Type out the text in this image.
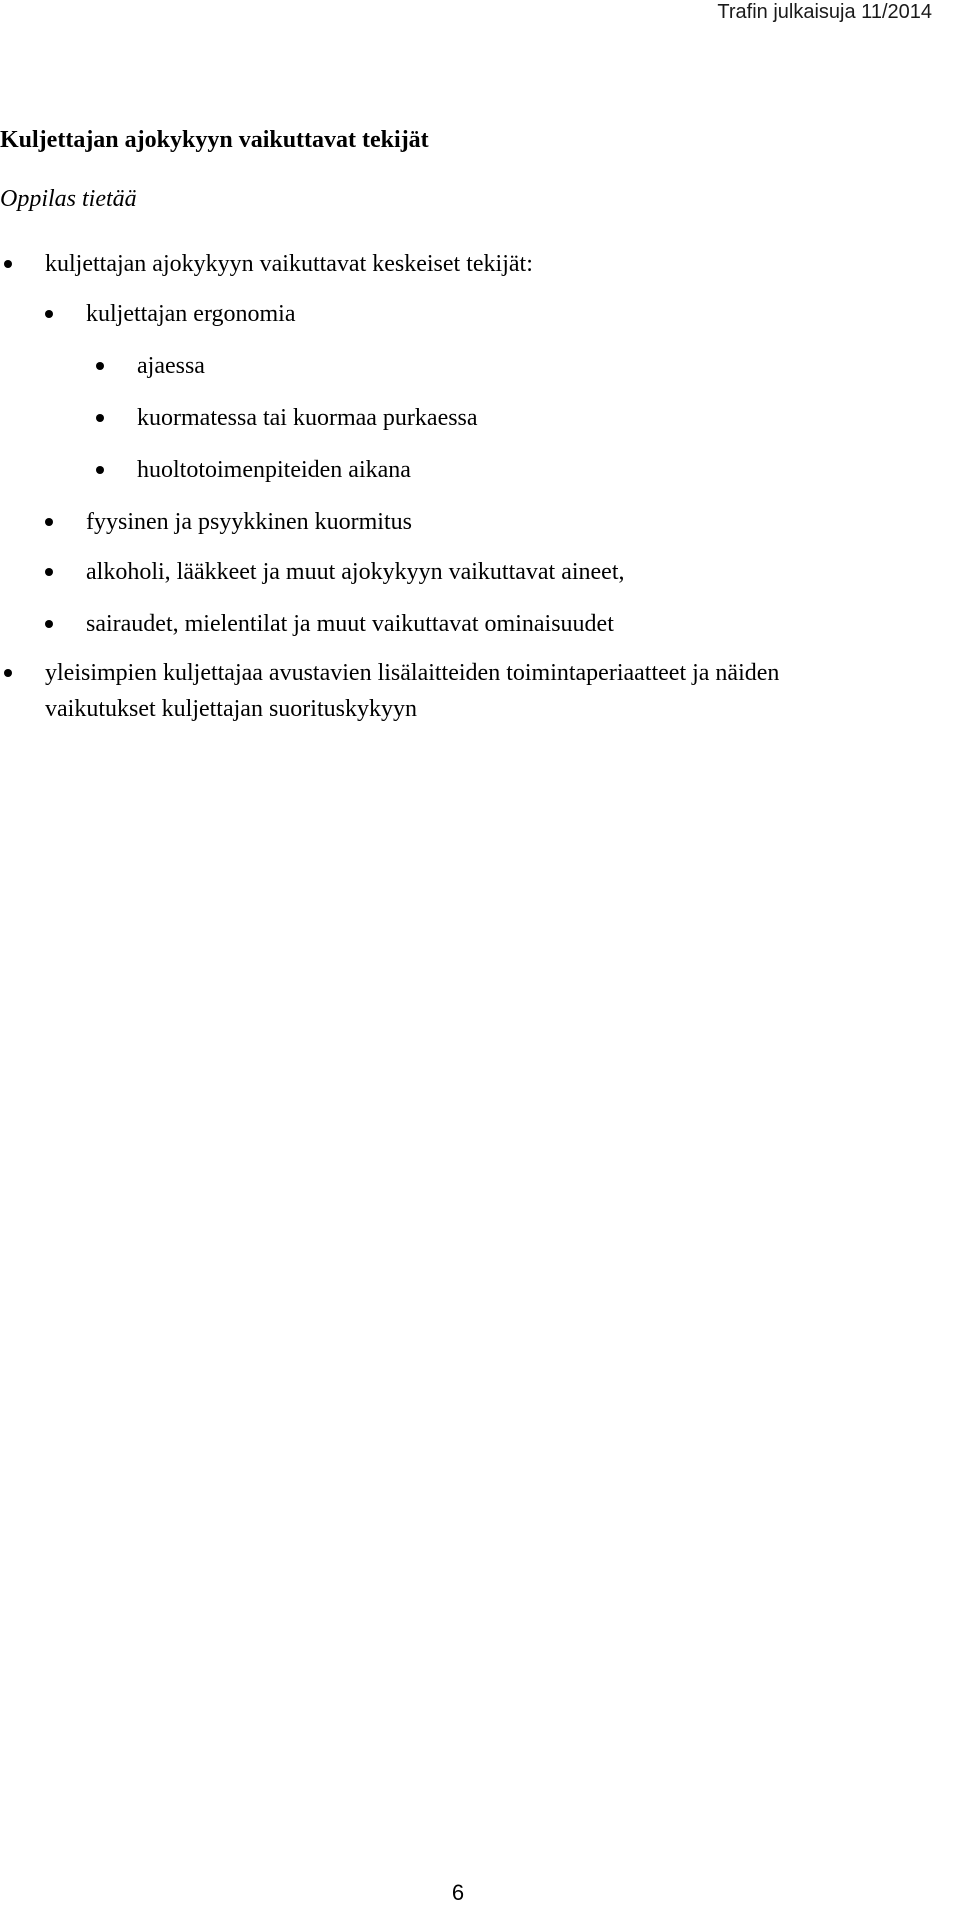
Trafin julkaisuja 11/2014
Kuljettajan ajokykyyn vaikuttavat tekijät
Oppilas tietää
kuljettajan ajokykyyn vaikuttavat keskeiset tekijät:
kuljettajan ergonomia
ajaessa
kuormatessa tai kuormaa purkaessa
huoltotoimenpiteiden aikana
fyysinen ja psyykkinen kuormitus
alkoholi, lääkkeet ja muut ajokykyyn vaikuttavat aineet,
sairaudet, mielentilat ja muut vaikuttavat ominaisuudet
yleisimpien kuljettajaa avustavien lisälaitteiden toimintaperiaatteet ja näiden
vaikutukset kuljettajan suorituskykyyn
6
